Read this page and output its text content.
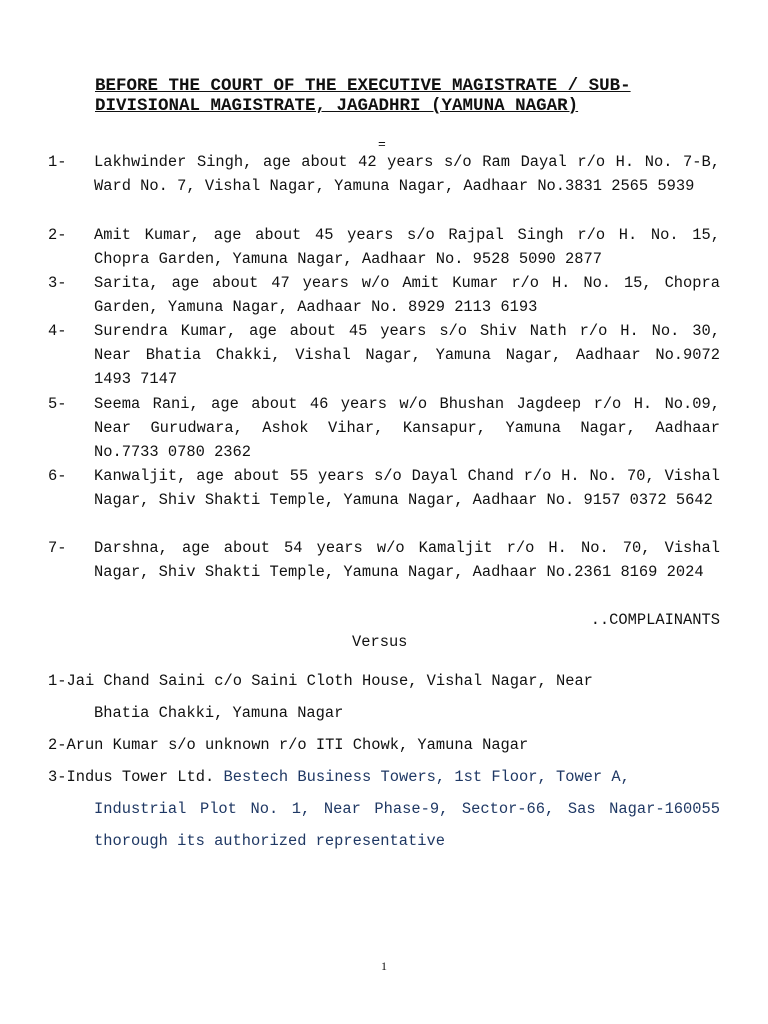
BEFORE THE COURT OF THE EXECUTIVE MAGISTRATE / SUB-DIVISIONAL MAGISTRATE, JAGADHRI (YAMUNA NAGAR)
=
1- Lakhwinder Singh, age about 42 years s/o Ram Dayal r/o H. No. 7-B, Ward No. 7, Vishal Nagar, Yamuna Nagar, Aadhaar No.3831 2565 5939
2- Amit Kumar, age about 45 years s/o Rajpal Singh r/o H. No. 15, Chopra Garden, Yamuna Nagar, Aadhaar No. 9528 5090 2877
3- Sarita, age about 47 years w/o Amit Kumar r/o H. No. 15, Chopra Garden, Yamuna Nagar, Aadhaar No. 8929 2113 6193
4- Surendra Kumar, age about 45 years s/o Shiv Nath r/o H. No. 30, Near Bhatia Chakki, Vishal Nagar, Yamuna Nagar, Aadhaar No.9072 1493 7147
5- Seema Rani, age about 46 years w/o Bhushan Jagdeep r/o H. No.09, Near Gurudwara, Ashok Vihar, Kansapur, Yamuna Nagar, Aadhaar No.7733 0780 2362
6- Kanwaljit, age about 55 years s/o Dayal Chand r/o H. No. 70, Vishal Nagar, Shiv Shakti Temple, Yamuna Nagar, Aadhaar No. 9157 0372 5642
7- Darshna, age about 54 years w/o Kamaljit r/o H. No. 70, Vishal Nagar, Shiv Shakti Temple, Yamuna Nagar, Aadhaar No.2361 8169 2024
..COMPLAINANTS
Versus
1-Jai Chand Saini c/o Saini Cloth House, Vishal Nagar, Near
Bhatia Chakki, Yamuna Nagar
2-Arun Kumar s/o unknown r/o ITI Chowk, Yamuna Nagar
3-Indus Tower Ltd. Bestech Business Towers, 1st Floor, Tower A,
Industrial Plot No. 1, Near Phase-9, Sector-66, Sas Nagar-160055 thorough its authorized representative
1
